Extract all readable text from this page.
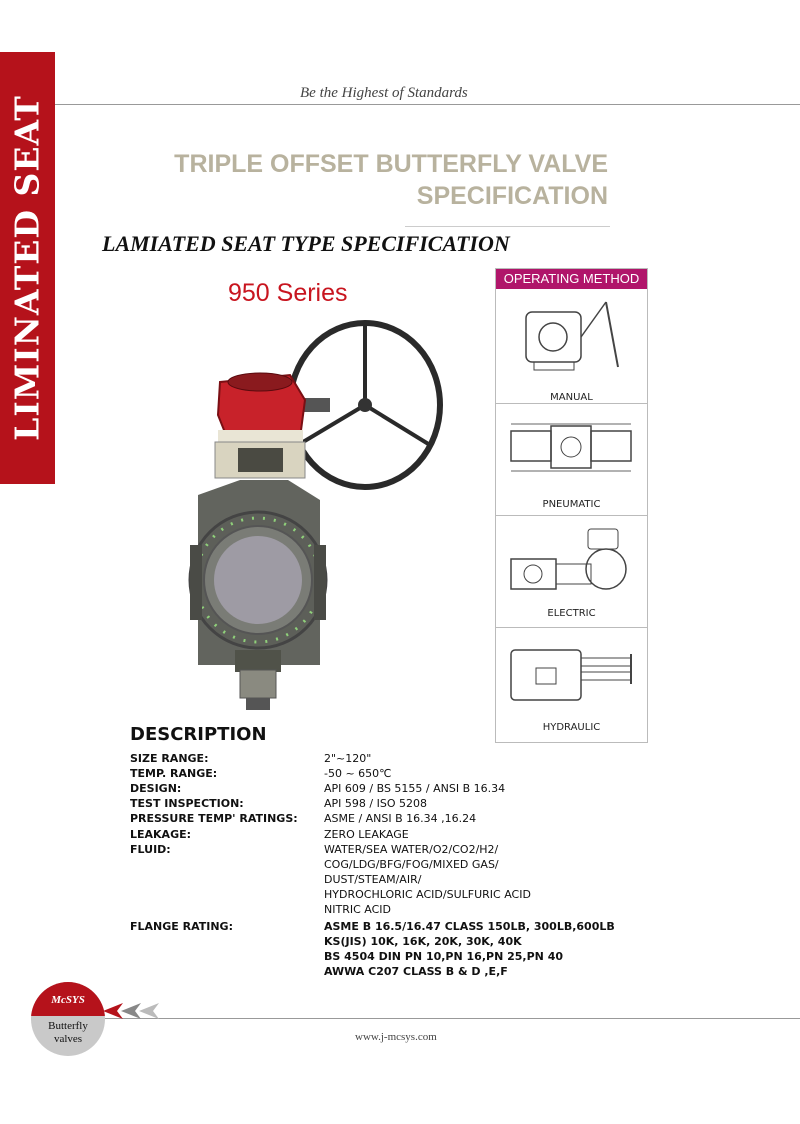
LIMINATED SEAT
Be the Highest of Standards
TRIPLE OFFSET BUTTERFLY VALVE
SPECIFICATION
LAMIATED SEAT TYPE SPECIFICATION
950 Series
OPERATING METHOD
MANUAL
PNEUMATIC
ELECTRIC
HYDRAULIC
DESCRIPTION
SIZE RANGE:	2"~120"
TEMP. RANGE:	-50 ~ 650℃
DESIGN:	API 609 / BS 5155 / ANSI B 16.34
TEST INSPECTION:	API 598 / ISO 5208
PRESSURE TEMP' RATINGS: ASME / ANSI B 16.34 ,16.24
LEAKAGE:	ZERO LEAKAGE
FLUID:	WATER/SEA WATER/O2/CO2/H2/
COG/LDG/BFG/FOG/MIXED GAS/
DUST/STEAM/AIR/
HYDROCHLORIC ACID/SULFURIC ACID
NITRIC ACID
FLANGE RATING:	ASME B 16.5/16.47 CLASS 150LB, 300LB,600LB
KS(JIS) 10K, 16K, 20K, 30K, 40K
BS 4504 DIN PN 10,PN 16,PN 25,PN 40
AWWA C207 CLASS B & D ,E,F
McSYS
Butterfly
valves	www.j-mcsys.com
